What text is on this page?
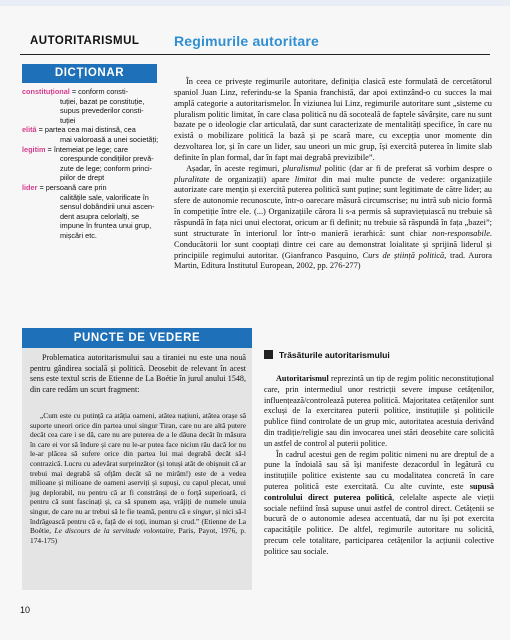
AUTORITARISMUL Regimurile autoritare
DICȚIONAR
constituțional = conform consti-
tuției, bazat pe constituție,
supus prevederilor consti-
tuției
elită = partea cea mai distinsă, cea
mai valoroasă a unei societăți;
legitim = întemeiat pe lege; care
corespunde condițiilor prevă-
zute de lege; conform princi-
piilor de drept
lider = persoană care prin
calitățile sale, valorificate în
sensul dobândirii unui ascen-
dent asupra celorlalți, se
impune în fruntea unui grup,
mișcări etc.

În ceea ce privește regimurile autoritare, definiția clasică este formulată de cercetătorul spaniol Juan Linz, referindu-se la Spania franchistă, dar apoi extinzând-o cu succes la mai amplă categorie a autoritarismelor. În viziunea lui Linz, regimurile autoritare sunt „sisteme cu pluralism politic limitat, în care clasa politică nu dă socoteală de faptele săvârșite, care nu sunt bazate pe o ideologie clar articulată, dar sunt caracterizate de mentalități specifice, în care nu există o mobilizare politică la bază și pe scară mare, cu excepția unor momente din dezvoltarea lor, și în care un lider, sau uneori un mic grup, își exercită puterea în limite slab definite în plan formal, dar în fapt mai degrabă previzibile”.

Așadar, în aceste regimuri, pluralismul politic (dar ar fi de preferat să vorbim despre o pluralitate de organizații) apare limitat din mai multe puncte de vedere: organizațiile autorizate care mențin și exercită puterea politică sunt puține; sunt legitimate de către lider; au sfere de autonomie recunoscute, într-o oarecare măsură circumscrise; nu intră sub nicio formă în competiție între ele. (...) Organizațiile cărora li s-a permis să supraviețuiască nu trebuie să răspundă în fața nici unui electorat, oricum ar fi definit; nu trebuie să răspundă în fața „bazei”; sunt structurate în interiorul lor într-o manieră ierarhică: sunt chiar non-responsabile. Conducătorii lor sunt cooptați dintre cei care au demonstrat loialitate și sprijină liderul și principiile regimului autoritar. (Gianfranco Pasquino, Curs de știință politică, trad. Aurora Martin, Editura Institutul European, 2002, pp. 276-277)

PUNCTE DE VEDERE

Problematica autoritarismului sau a tiraniei nu este una nouă pentru gândirea socială și politică. Deosebit de relevant în acest sens este textul scris de Etienne de La Boétie în jurul anului 1548, din care redăm un scurt fragment:

„Cum este cu putință ca atâția oameni, atâtea națiuni, atâtea orașe să suporte uneori orice din partea unui singur Tiran, care nu are altă putere decât cea care i se dă, care nu are puterea de a le dăuna decât în măsura în care ei vor să îndure și care nu le-ar putea face niciun rău dacă lor nu le-ar plăcea să sufere orice din partea lui mai degrabă decât să-l contrazică. Lucru cu adevărat surprinzător (și totuși atât de obișnuit că ar trebui mai degrabă să ofțăm decât să ne mirăm!) este de a vedea milioane și milioane de oameni aserviți și supuși, cu capul plecat, unui jug deplorabil, nu pentru că ar fi constrânși de o forță superioară, ci pentru că sunt fascinați și, ca să spunem așa, vrăjiți de numele unuia singur, de care nu ar trebui să le fie teamă, pentru că e singur, și nici să-l îndrăgească pentru că e, față de ei toți, inuman și crud.” (Etienne de La Boétie, Le discours de la servitude volontaire, Paris, Payot, 1976, p. 174-175)

Trăsăturile autoritarismului

Autoritarismul reprezintă un tip de regim politic neconstituțional care, prin intermediul unor restricții severe impuse cetățenilor, influențează/controlează puterea politică. Majoritatea cetățenilor sunt excluși de la exercitarea puterii politice, instituțiile și politicile publice fiind controlate de un grup mic, autoritatea acestuia derivând din tradiție/religie sau din invocarea unei stări deosebite care solicită un astfel de control al puterii politice.

În cadrul acestui gen de regim politic nimeni nu are dreptul de a pune la îndoială sau să își manifeste dezacordul în legătură cu instituțiile politice existente sau cu modalitatea concretă în care puterea politică este exercitată. Cu alte cuvinte, este supusă controlului direct puterea politică, celelalte aspecte ale vieții sociale nefiind însă supuse unui astfel de control direct. Cetățenii se bucură de o autonomie adesea accentuată, dar nu își pot exercita capacitățile politice. De altfel, regimurile autoritare nu solicită, precum cele totalitare, participarea cetățenilor la acțiunii colective politice sau sociale.

10
